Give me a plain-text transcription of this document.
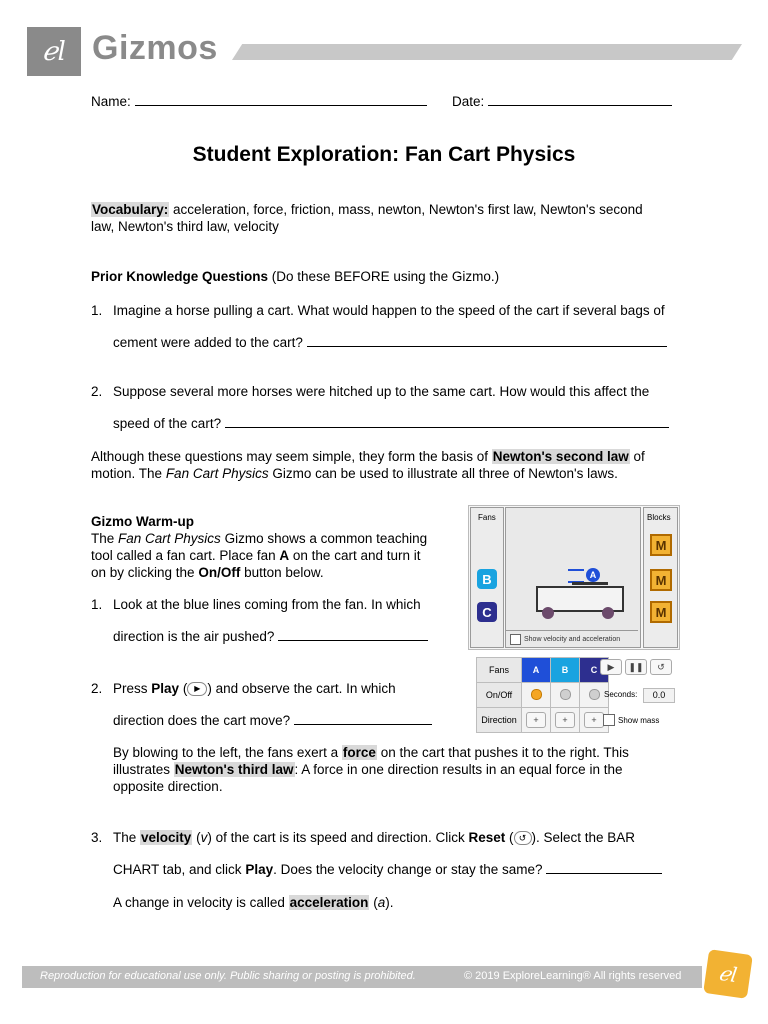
ℯl Gizmos
Name:	Date:
Student Exploration: Fan Cart Physics
Vocabulary: acceleration, force, friction, mass, newton, Newton's first law, Newton's second
law, Newton's third law, velocity
Prior Knowledge Questions (Do these BEFORE using the Gizmo.)
1. Imagine a horse pulling a cart. What would happen to the speed of the cart if several bags of
cement were added to the cart?
2. Suppose several more horses were hitched up to the same cart. How would this affect the
speed of the cart?
Although these questions may seem simple, they form the basis of Newton's second law of
motion. The Fan Cart Physics Gizmo can be used to illustrate all three of Newton's laws.
Gizmo Warm-up
The Fan Cart Physics Gizmo shows a common teaching
tool called a fan cart. Place fan A on the cart and turn it
on by clicking the On/Off button below.
1. Look at the blue lines coming from the fan. In which
direction is the air pushed?
2. Press Play ( ▶ ) and observe the cart. In which
direction does the cart move?
By blowing to the left, the fans exert a force on the cart that pushes it to the right. This
illustrates Newton's third law: A force in one direction results in an equal force in the
opposite direction.
3. The velocity (v) of the cart is its speed and direction. Click Reset ( ↺ ). Select the BAR
CHART tab, and click Play. Does the velocity change or stay the same?
A change in velocity is called acceleration (a).
Fans
B
C
A
Show velocity and acceleration
Blocks
M
M
M
Fans	A	B	C
On/Off			
Direction	+	+	+
▶	❚❚	↺
Seconds:	0.0
Show mass
Reproduction for educational use only. Public sharing or posting is prohibited.	© 2019 ExploreLearning® All rights reserved ℯl
